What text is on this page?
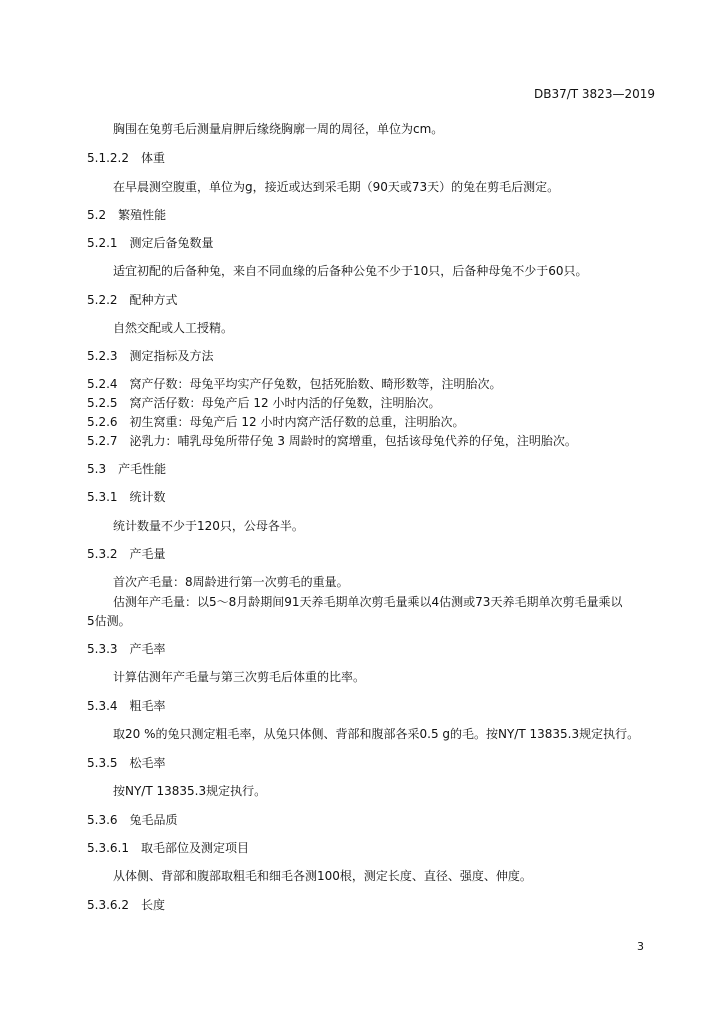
DB37/T 3823—2019
胸围在兔剪毛后测量肩胛后缘绕胸廓一周的周径，单位为cm。
5.1.2.2 体重
在早晨测空腹重，单位为g，接近或达到采毛期（90天或73天）的兔在剪毛后测定。
5.2 繁殖性能
5.2.1 测定后备兔数量
适宜初配的后备种兔，来自不同血缘的后备种公兔不少于10只，后备种母兔不少于60只。
5.2.2 配种方式
自然交配或人工授精。
5.2.3 测定指标及方法
5.2.4 窝产仔数：母兔平均实产仔兔数，包括死胎数、畸形数等，注明胎次。
5.2.5 窝产活仔数：母兔产后 12 小时内活的仔兔数，注明胎次。
5.2.6 初生窝重：母兔产后 12 小时内窝产活仔数的总重，注明胎次。
5.2.7 泌乳力：哺乳母兔所带仔兔 3 周龄时的窝增重，包括该母兔代养的仔兔，注明胎次。
5.3 产毛性能
5.3.1 统计数
统计数量不少于120只，公母各半。
5.3.2 产毛量
首次产毛量：8周龄进行第一次剪毛的重量。
估测年产毛量：以5～8月龄期间91天养毛期单次剪毛量乘以4估测或73天养毛期单次剪毛量乘以
5估测。
5.3.3 产毛率
计算估测年产毛量与第三次剪毛后体重的比率。
5.3.4 粗毛率
取20 %的兔只测定粗毛率，从兔只体侧、背部和腹部各采0.5 g的毛。按NY/T 13835.3规定执行。
5.3.5 松毛率
按NY/T 13835.3规定执行。
5.3.6 兔毛品质
5.3.6.1 取毛部位及测定项目
从体侧、背部和腹部取粗毛和细毛各测100根，测定长度、直径、强度、伸度。
5.3.6.2 长度
3
